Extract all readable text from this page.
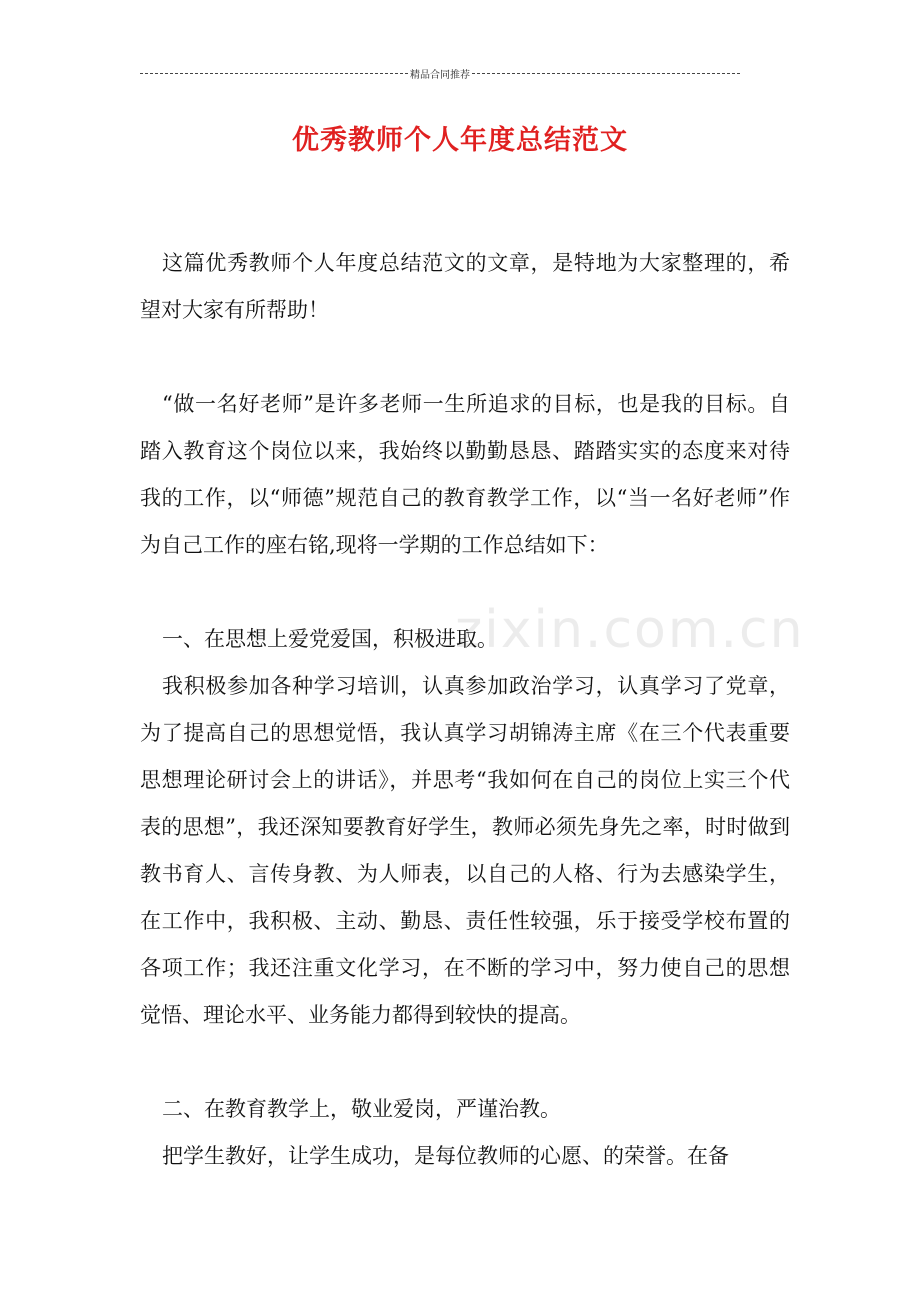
精品合同推荐
优秀教师个人年度总结范文
zixin.com.cn

这篇优秀教师个人年度总结范文的文章，是特地为大家整理的，希望对大家有所帮助！

“做一名好老师”是许多老师一生所追求的目标，也是我的目标。自踏入教育这个岗位以来，我始终以勤勤恳恳、踏踏实实的态度来对待我的工作，以“师德”规范自己的教育教学工作，以“当一名好老师”作为自己工作的座右铭,现将一学期的工作总结如下：

一、在思想上爱党爱国，积极进取。

我积极参加各种学习培训，认真参加政治学习，认真学习了党章，为了提高自己的思想觉悟，我认真学习胡锦涛主席《在三个代表重要思想理论研讨会上的讲话》，并思考“我如何在自己的岗位上实三个代表的思想”，我还深知要教育好学生，教师必须先身先之率，时时做到教书育人、言传身教、为人师表，以自己的人格、行为去感染学生，在工作中，我积极、主动、勤恳、责任性较强，乐于接受学校布置的各项工作；我还注重文化学习，在不断的学习中，努力使自己的思想觉悟、理论水平、业务能力都得到较快的提高。

二、在教育教学上，敬业爱岗，严谨治教。

把学生教好，让学生成功，是每位教师的心愿、的荣誉。在备
